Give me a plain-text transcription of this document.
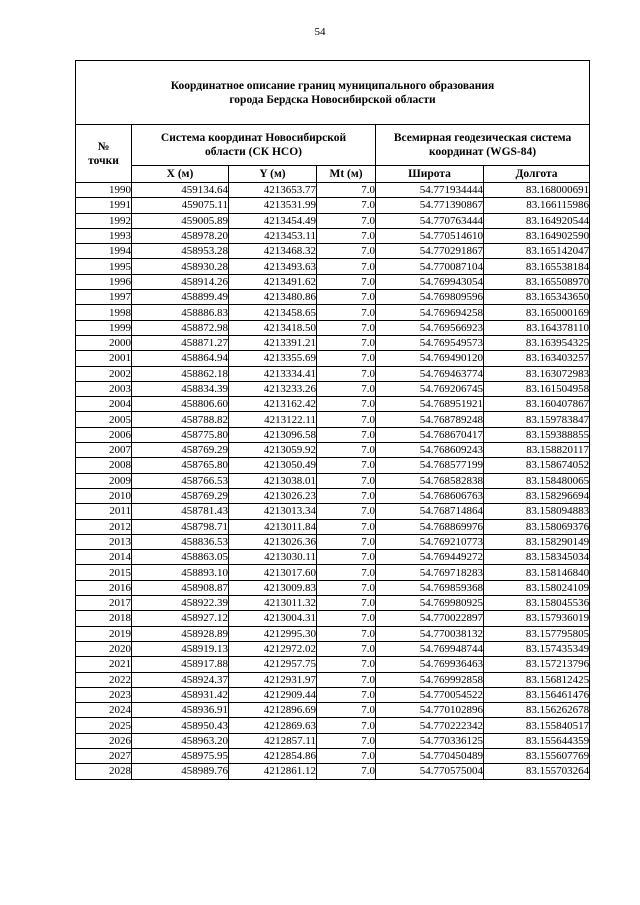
54
Координатное описание границ муниципального образования
города Бердска Новосибирской области					

№
точки	Система координат Новосибирской
области (СК НСО)			Всемирная геодезическая система
координат (WGS-84)	

	X (м)	Y (м)	Mt (м)	Широта	Долгота
1990	459134.64	4213653.77	7.0	54.771934444	83.168000691
1991	459075.11	4213531.99	7.0	54.771390867	83.166115986
1992	459005.89	4213454.49	7.0	54.770763444	83.164920544
1993	458978.20	4213453.11	7.0	54.770514610	83.164902590
1994	458953.28	4213468.32	7.0	54.770291867	83.165142047
1995	458930.28	4213493.63	7.0	54.770087104	83.165538184
1996	458914.26	4213491.62	7.0	54.769943054	83.165508970
1997	458899.49	4213480.86	7.0	54.769809596	83.165343650
1998	458886.83	4213458.65	7.0	54.769694258	83.165000169
1999	458872.98	4213418.50	7.0	54.769566923	83.164378110
2000	458871.27	4213391.21	7.0	54.769549573	83.163954325
2001	458864.94	4213355.69	7.0	54.769490120	83.163403257
2002	458862.18	4213334.41	7.0	54.769463774	83.163072983
2003	458834.39	4213233.26	7.0	54.769206745	83.161504958
2004	458806.60	4213162.42	7.0	54.768951921	83.160407867
2005	458788.82	4213122.11	7.0	54.768789248	83.159783847
2006	458775.80	4213096.58	7.0	54.768670417	83.159388855
2007	458769.29	4213059.92	7.0	54.768609243	83.158820117
2008	458765.80	4213050.49	7.0	54.768577199	83.158674052
2009	458766.53	4213038.01	7.0	54.768582838	83.158480065
2010	458769.29	4213026.23	7.0	54.768606763	83.158296694
2011	458781.43	4213013.34	7.0	54.768714864	83.158094883
2012	458798.71	4213011.84	7.0	54.768869976	83.158069376
2013	458836.53	4213026.36	7.0	54.769210773	83.158290149
2014	458863.05	4213030.11	7.0	54.769449272	83.158345034
2015	458893.10	4213017.60	7.0	54.769718283	83.158146840
2016	458908.87	4213009.83	7.0	54.769859368	83.158024109
2017	458922.39	4213011.32	7.0	54.769980925	83.158045536
2018	458927.12	4213004.31	7.0	54.770022897	83.157936019
2019	458928.89	4212995.30	7.0	54.770038132	83.157795805
2020	458919.13	4212972.02	7.0	54.769948744	83.157435349
2021	458917.88	4212957.75	7.0	54.769936463	83.157213796
2022	458924.37	4212931.97	7.0	54.769992858	83.156812425
2023	458931.42	4212909.44	7.0	54.770054522	83.156461476
2024	458936.91	4212896.69	7.0	54.770102896	83.156262678
2025	458950.43	4212869.63	7.0	54.770222342	83.155840517
2026	458963.20	4212857.11	7.0	54.770336125	83.155644359
2027	458975.95	4212854.86	7.0	54.770450489	83.155607769
2028	458989.76	4212861.12	7.0	54.770575004	83.155703264
